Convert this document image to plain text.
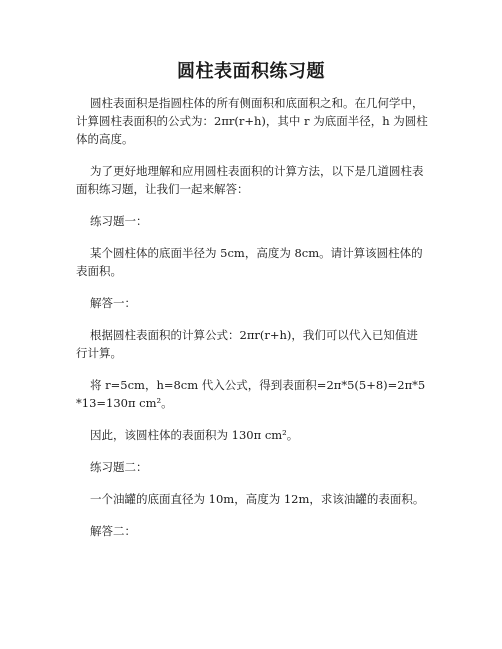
圆柱表面积练习题

圆柱表面积是指圆柱体的所有侧面积和底面积之和。在几何学中，计算圆柱表面积的公式为：2πr(r+h)，其中 r 为底面半径，h 为圆柱体的高度。

为了更好地理解和应用圆柱表面积的计算方法，以下是几道圆柱表面积练习题，让我们一起来解答：

练习题一：

某个圆柱体的底面半径为 5cm，高度为 8cm。请计算该圆柱体的表面积。

解答一：

根据圆柱表面积的计算公式：2πr(r+h)，我们可以代入已知值进行计算。

将 r=5cm，h=8cm 代入公式，得到表面积=2π*5(5+8)=2π*5*13=130π cm²。

因此，该圆柱体的表面积为 130π cm²。

练习题二：

一个油罐的底面直径为 10m，高度为 12m，求该油罐的表面积。

解答二：
